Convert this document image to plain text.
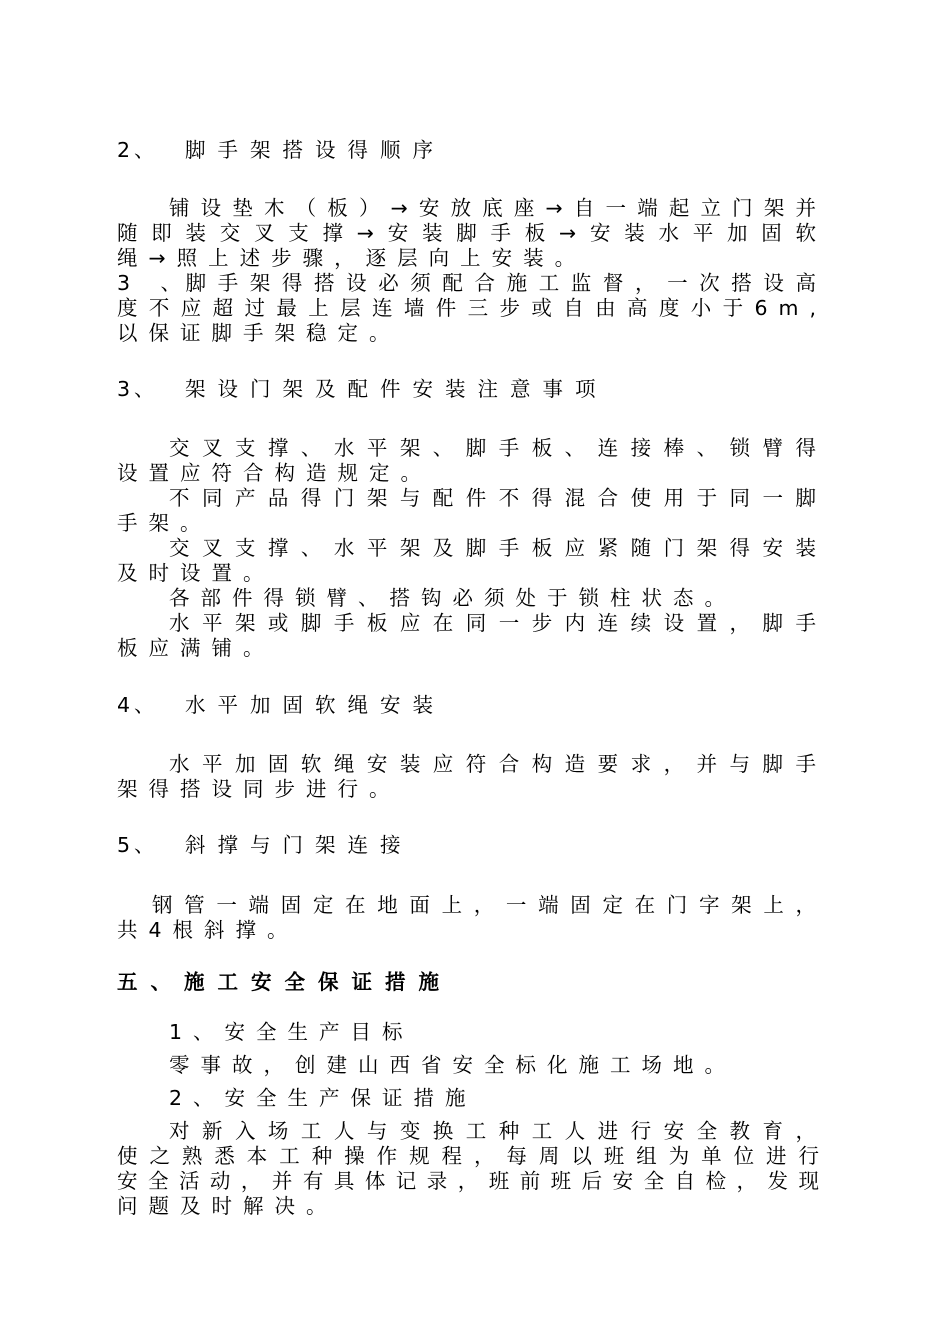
2、 脚手架搭设得顺序
铺设垫木（板）→安放底座→自一端起立门架并
随即装交叉支撑→安装脚手板→安装水平加固软
绳→照上述步骤，逐层向上安装。
3、脚手架得搭设必须配合施工监督，一次搭设高
度不应超过最上层连墙件三步或自由高度小于6m,
以保证脚手架稳定。
3、 架设门架及配件安装注意事项
交叉支撑、水平架、脚手板、连接棒、锁臂得
设置应符合构造规定。
不同产品得门架与配件不得混合使用于同一脚
手架。
交叉支撑、水平架及脚手板应紧随门架得安装
及时设置。
各部件得锁臂、搭钩必须处于锁柱状态。
水平架或脚手板应在同一步内连续设置，脚手
板应满铺。
4、 水平加固软绳安装
水平加固软绳安装应符合构造要求，并与脚手
架得搭设同步进行。
5、 斜撑与门架连接
钢管一端固定在地面上，一端固定在门字架上，
共4根斜撑。
五、施工安全保证措施
1、安全生产目标
零事故，创建山西省安全标化施工场地。
2、安全生产保证措施
对新入场工人与变换工种工人进行安全教育，
使之熟悉本工种操作规程，每周以班组为单位进行
安全活动，并有具体记录，班前班后安全自检，发现
问题及时解决。
